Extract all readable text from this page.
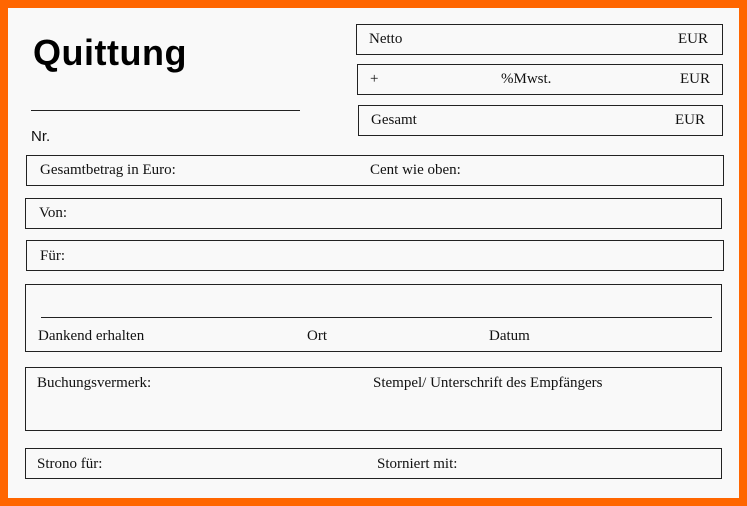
Quittung
Nr.
Netto	EUR
+	%Mwst.	EUR
Gesamt	EUR
Gesamtbetrag in Euro:	Cent wie oben:
Von:
Für:
Dankend erhalten	Ort	Datum
Buchungsvermerk:	Stempel/ Unterschrift des Empfängers
Strono für:	Storniert mit:
